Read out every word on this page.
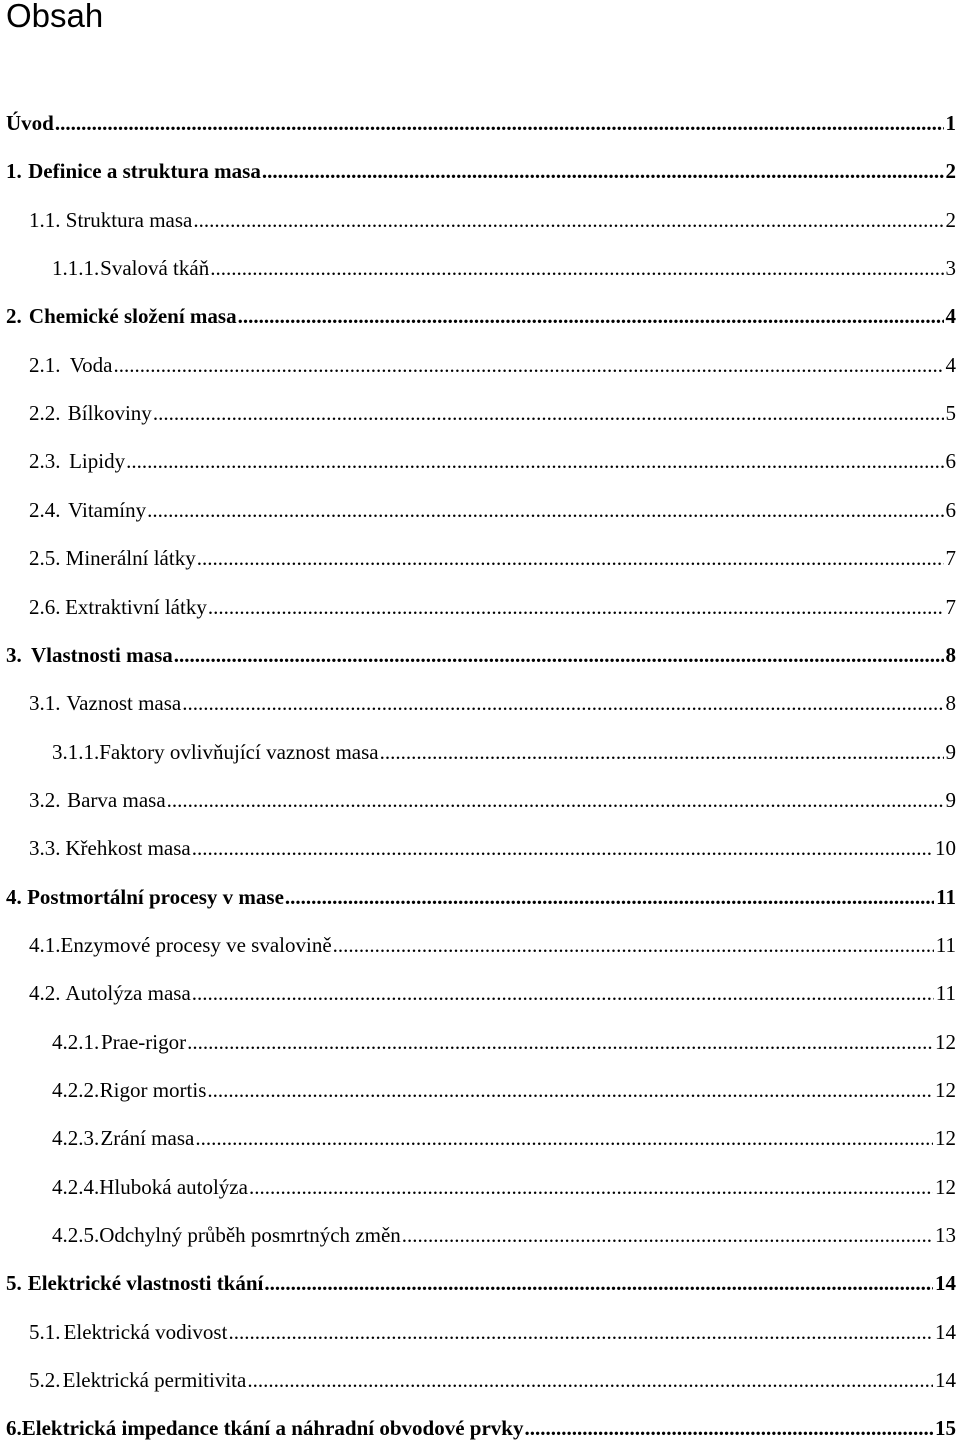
Obsah
Úvod .....	1
1. Definice a struktura masa .....	2
1.1. Struktura masa .....	2
1.1.1. Svalová tkáň .....	3
2. Chemické složení masa .....	4
2.1. Voda .....	4
2.2. Bílkoviny .....	5
2.3. Lipidy .....	6
2.4. Vitamíny .....	6
2.5. Minerální látky .....	7
2.6. Extraktivní látky .....	7
3. Vlastnosti masa .....	8
3.1. Vaznost masa .....	8
3.1.1. Faktory ovlivňující vaznost masa .....	9
3.2. Barva masa .....	9
3.3. Křehkost masa .....	10
4. Postmortální procesy v mase .....	11
4.1. Enzymové procesy ve svalovině .....	11
4.2. Autolýza masa .....	11
4.2.1. Prae-rigor .....	12
4.2.2. Rigor mortis .....	12
4.2.3. Zrání masa .....	12
4.2.4. Hluboká autolýza .....	12
4.2.5. Odchylný průběh posmrtných změn .....	13
5. Elektrické vlastnosti tkání .....	14
5.1. Elektrická vodivost .....	14
5.2. Elektrická permitivita .....	14
6. Elektrická impedance tkání a náhradní obvodové prvky .....	15
